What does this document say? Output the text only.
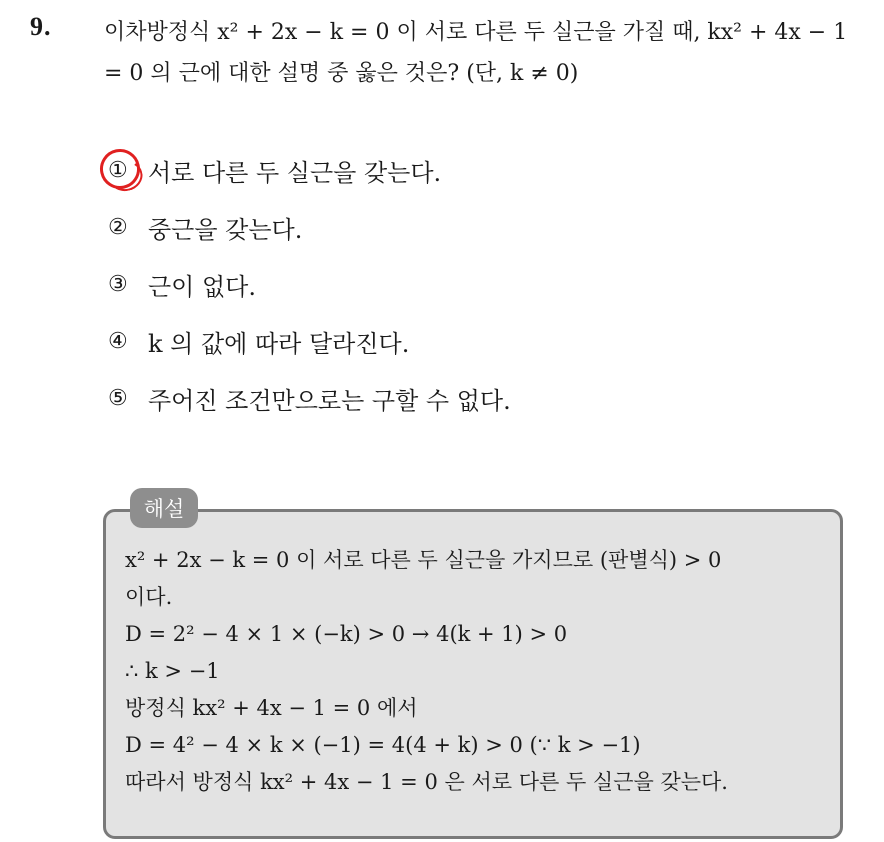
9. 이차방정식 x² + 2x − k = 0 이 서로 다른 두 실근을 가질 때, kx² + 4x − 1 = 0 의 근에 대한 설명 중 옳은 것은? (단, k ≠ 0)
① 서로 다른 두 실근을 갖는다.
② 중근을 갖는다.
③ 근이 없다.
④ k 의 값에 따라 달라진다.
⑤ 주어진 조건만으로는 구할 수 없다.
해설
x² + 2x − k = 0 이 서로 다른 두 실근을 가지므로 (판별식) > 0
이다.
D = 2² − 4 × 1 × (−k) > 0 → 4(k + 1) > 0
∴ k > −1
방정식 kx² + 4x − 1 = 0 에서
D = 4² − 4 × k × (−1) = 4(4 + k) > 0 (∵ k > −1)
따라서 방정식 kx² + 4x − 1 = 0 은 서로 다른 두 실근을 갖는다.
